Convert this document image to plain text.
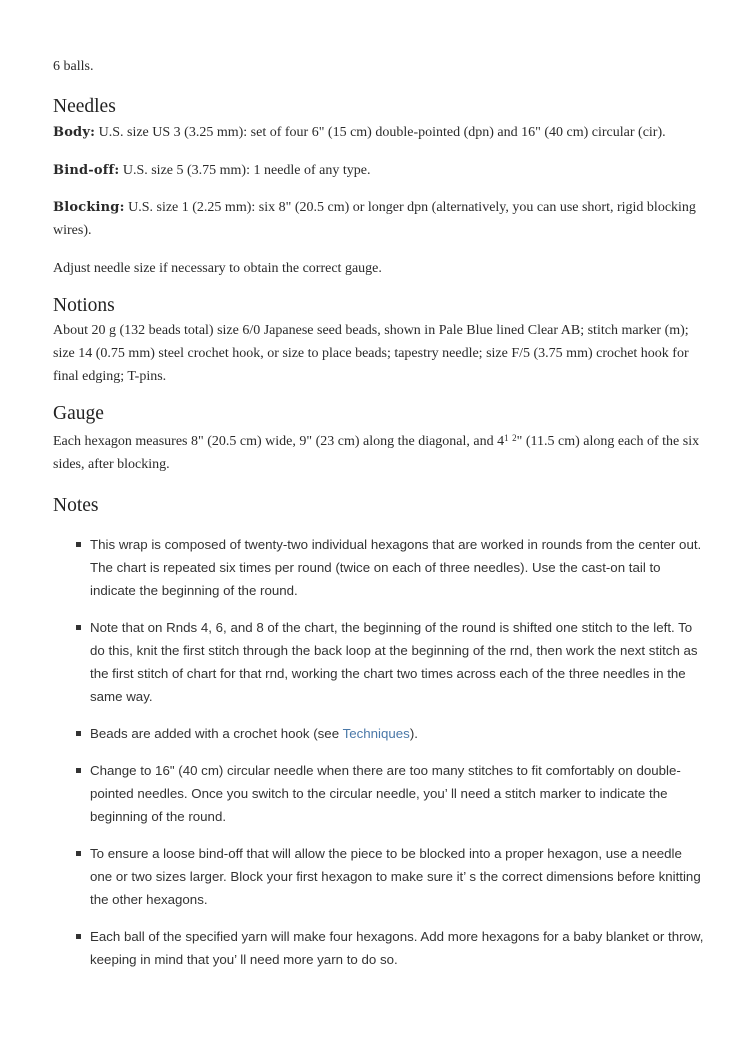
6 balls.
Needles

Body: U.S. size US 3 (3.25 mm): set of four 6" (15 cm) double-pointed (dpn) and 16" (40 cm) circular (cir).

Bind-off: U.S. size 5 (3.75 mm): 1 needle of any type.

Blocking: U.S. size 1 (2.25 mm): six 8" (20.5 cm) or longer dpn (alternatively, you can use short, rigid blocking wires).

Adjust needle size if necessary to obtain the correct gauge.

Notions

About 20 g (132 beads total) size 6/0 Japanese seed beads, shown in Pale Blue lined Clear AB; stitch marker (m); size 14 (0.75 mm) steel crochet hook, or size to place beads; tapestry needle; size F/5 (3.75 mm) crochet hook for final edging; T-pins.

Gauge

Each hexagon measures 8" (20.5 cm) wide, 9" (23 cm) along the diagonal, and $4^1$ $^2$" (11.5 cm) along each of the six sides, after blocking.

Notes
This wrap is composed of twenty-two individual hexagons that are worked in rounds from the center out. The chart is repeated six times per round (twice on each of three needles). Use the cast-on tail to indicate the beginning of the round.
Note that on Rnds 4, 6, and 8 of the chart, the beginning of the round is shifted one stitch to the left. To do this, knit the first stitch through the back loop at the beginning of the rnd, then work the next stitch as the first stitch of chart for that rnd, working the chart two times across each of the three needles in the same way.
Beads are added with a crochet hook (see Techniques).
Change to 16" (40 cm) circular needle when there are too many stitches to fit comfortably on double-pointed needles. Once you switch to the circular needle, you’ ll need a stitch marker to indicate the beginning of the round.
To ensure a loose bind-off that will allow the piece to be blocked into a proper hexagon, use a needle one or two sizes larger. Block your first hexagon to make sure it’ s the correct dimensions before knitting the other hexagons.
Each ball of the specified yarn will make four hexagons. Add more hexagons for a baby blanket or throw, keeping in mind that you’ ll need more yarn to do so.
